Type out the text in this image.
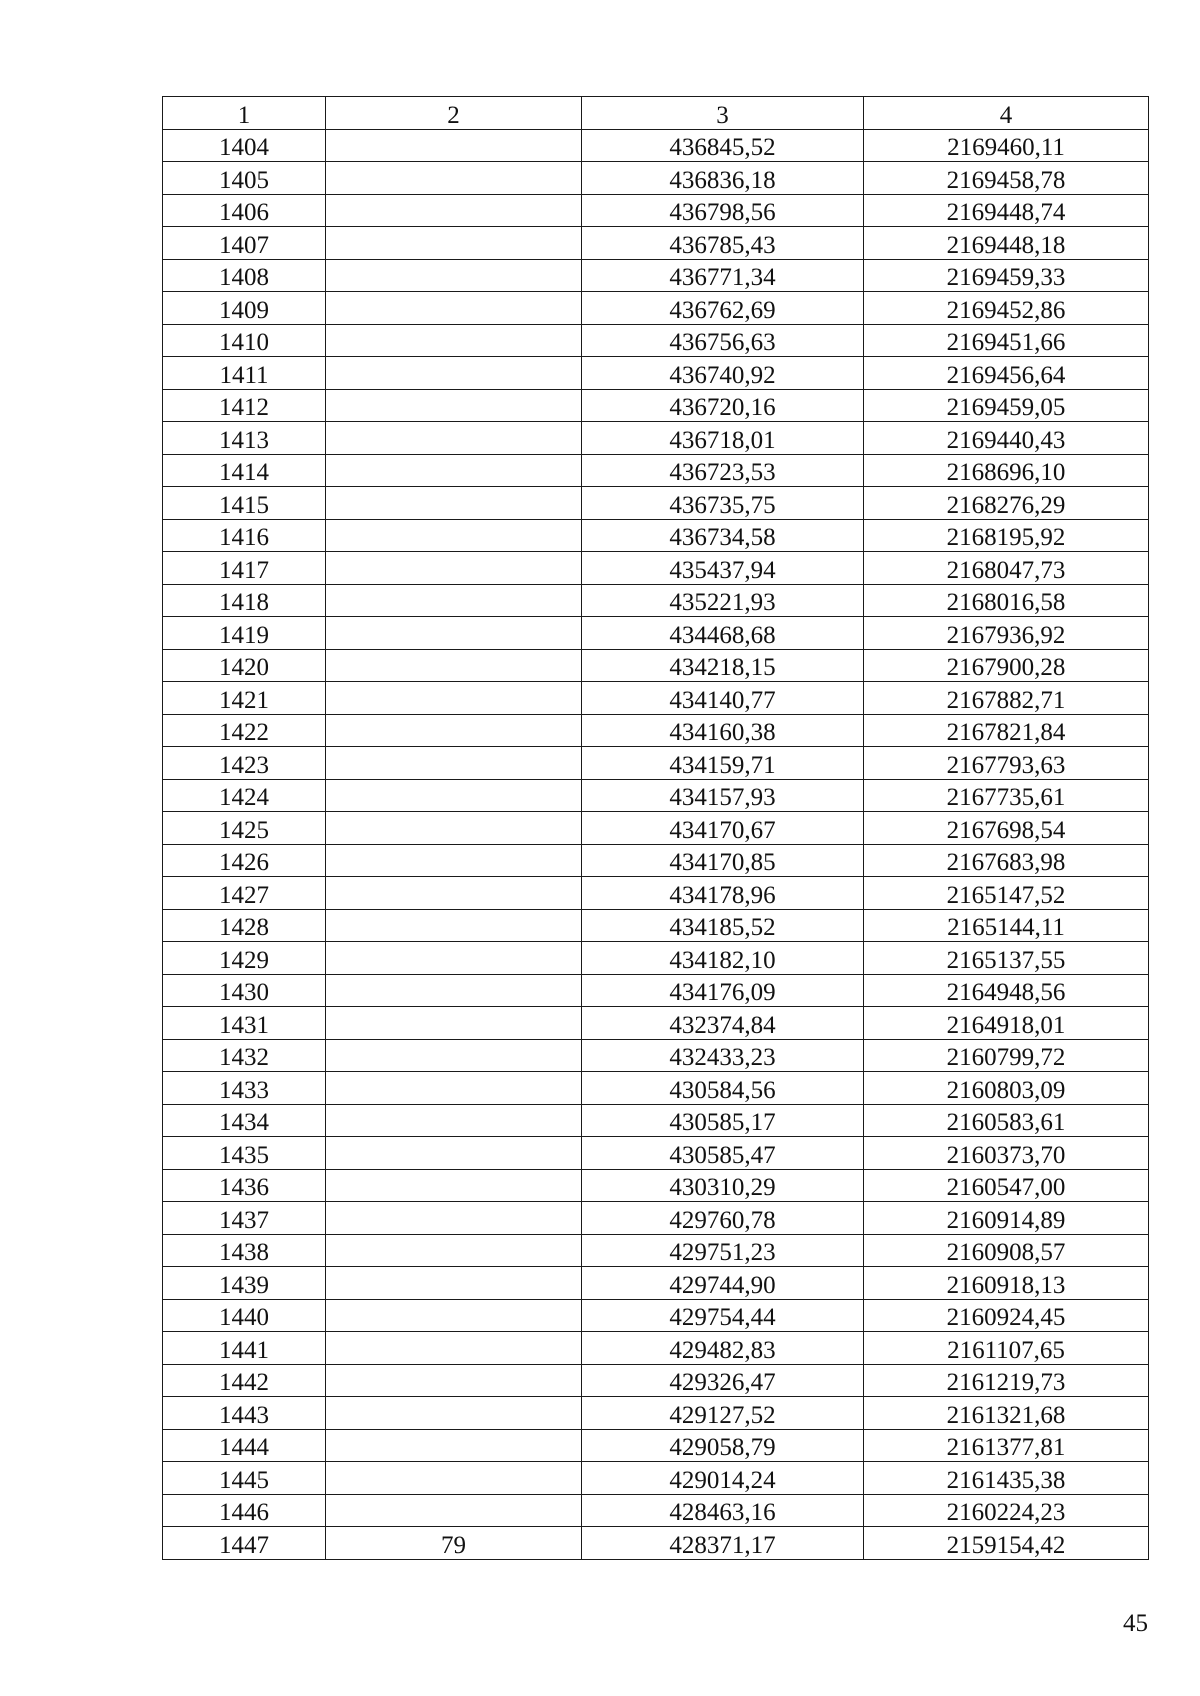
1	2	3	4
1404		436845,52	2169460,11
1405		436836,18	2169458,78
1406		436798,56	2169448,74
1407		436785,43	2169448,18
1408		436771,34	2169459,33
1409		436762,69	2169452,86
1410		436756,63	2169451,66
1411		436740,92	2169456,64
1412		436720,16	2169459,05
1413		436718,01	2169440,43
1414		436723,53	2168696,10
1415		436735,75	2168276,29
1416		436734,58	2168195,92
1417		435437,94	2168047,73
1418		435221,93	2168016,58
1419		434468,68	2167936,92
1420		434218,15	2167900,28
1421		434140,77	2167882,71
1422		434160,38	2167821,84
1423		434159,71	2167793,63
1424		434157,93	2167735,61
1425		434170,67	2167698,54
1426		434170,85	2167683,98
1427		434178,96	2165147,52
1428		434185,52	2165144,11
1429		434182,10	2165137,55
1430		434176,09	2164948,56
1431		432374,84	2164918,01
1432		432433,23	2160799,72
1433		430584,56	2160803,09
1434		430585,17	2160583,61
1435		430585,47	2160373,70
1436		430310,29	2160547,00
1437		429760,78	2160914,89
1438		429751,23	2160908,57
1439		429744,90	2160918,13
1440		429754,44	2160924,45
1441		429482,83	2161107,65
1442		429326,47	2161219,73
1443		429127,52	2161321,68
1444		429058,79	2161377,81
1445		429014,24	2161435,38
1446		428463,16	2160224,23
1447	79	428371,17	2159154,42
45
